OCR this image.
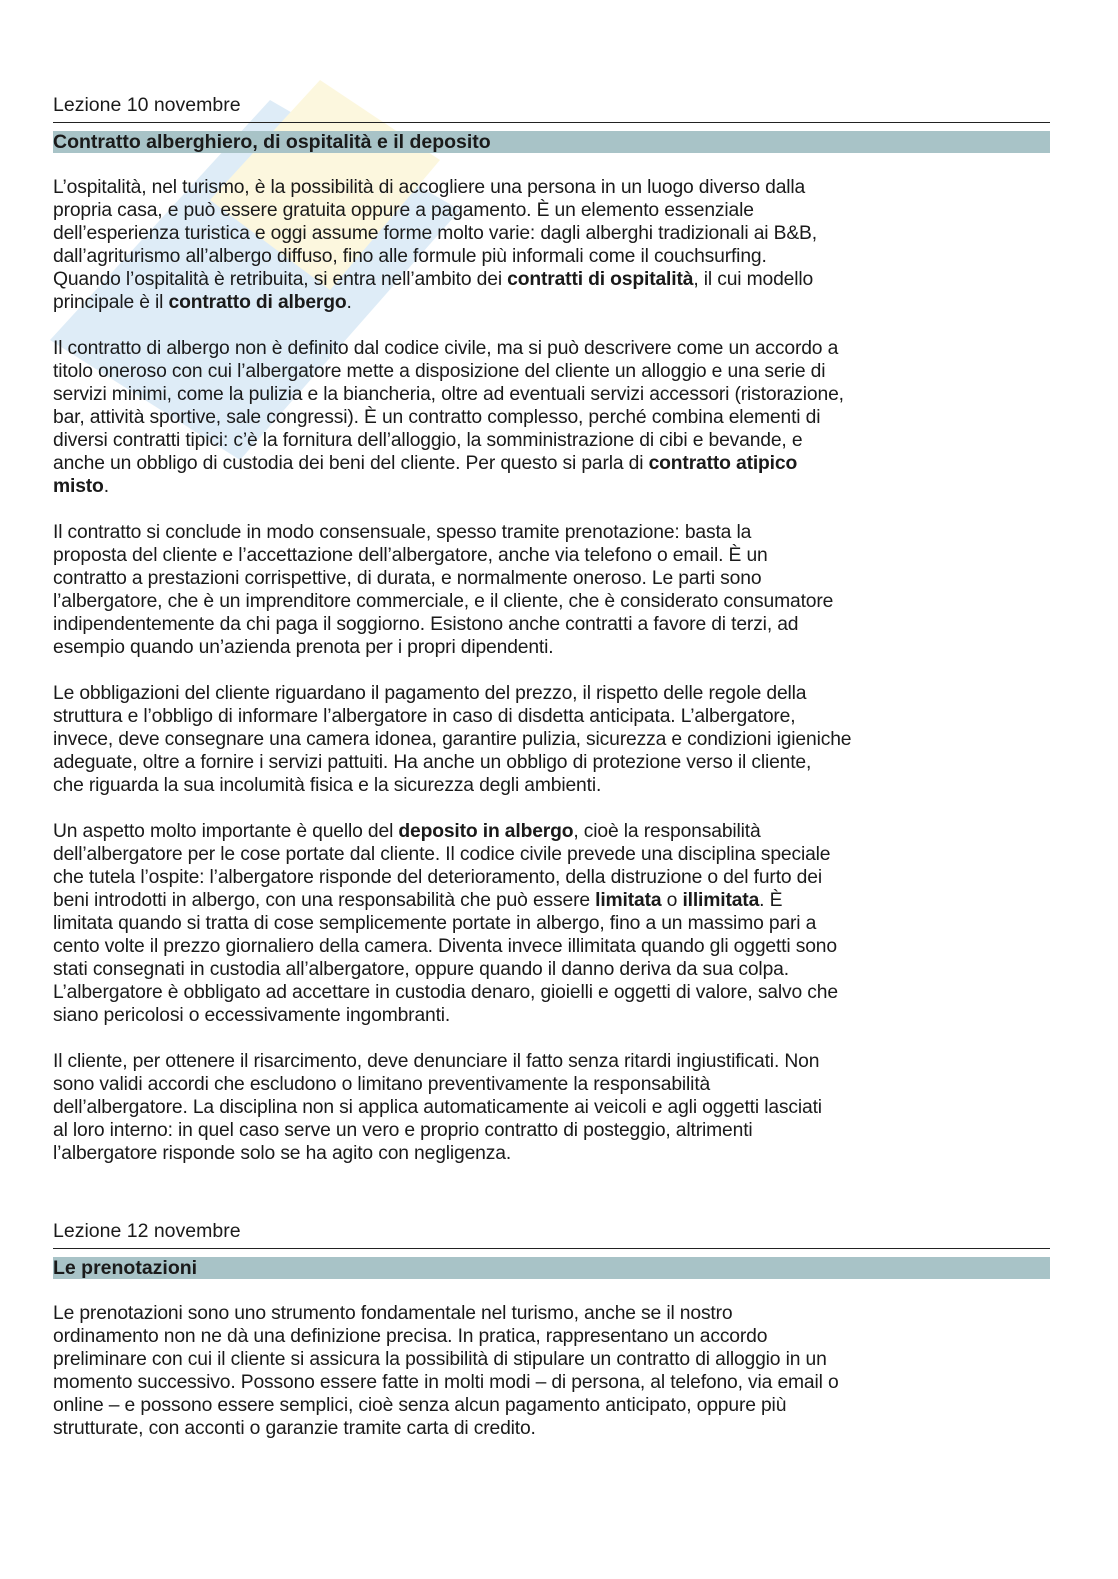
Lezione 10 novembre
Contratto alberghiero, di ospitalità e il deposito
L’ospitalità, nel turismo, è la possibilità di accogliere una persona in un luogo diverso dalla
propria casa, e può essere gratuita oppure a pagamento. È un elemento essenziale
dell’esperienza turistica e oggi assume forme molto varie: dagli alberghi tradizionali ai B&B,
dall’agriturismo all’albergo diffuso, fino alle formule più informali come il couchsurfing.
Quando l’ospitalità è retribuita, si entra nell’ambito dei contratti di ospitalità, il cui modello
principale è il contratto di albergo.
Il contratto di albergo non è definito dal codice civile, ma si può descrivere come un accordo a
titolo oneroso con cui l’albergatore mette a disposizione del cliente un alloggio e una serie di
servizi minimi, come la pulizia e la biancheria, oltre ad eventuali servizi accessori (ristorazione,
bar, attività sportive, sale congressi). È un contratto complesso, perché combina elementi di
diversi contratti tipici: c’è la fornitura dell’alloggio, la somministrazione di cibi e bevande, e
anche un obbligo di custodia dei beni del cliente. Per questo si parla di contratto atipico
misto.
Il contratto si conclude in modo consensuale, spesso tramite prenotazione: basta la
proposta del cliente e l’accettazione dell’albergatore, anche via telefono o email. È un
contratto a prestazioni corrispettive, di durata, e normalmente oneroso. Le parti sono
l’albergatore, che è un imprenditore commerciale, e il cliente, che è considerato consumatore
indipendentemente da chi paga il soggiorno. Esistono anche contratti a favore di terzi, ad
esempio quando un’azienda prenota per i propri dipendenti.
Le obbligazioni del cliente riguardano il pagamento del prezzo, il rispetto delle regole della
struttura e l’obbligo di informare l’albergatore in caso di disdetta anticipata. L’albergatore,
invece, deve consegnare una camera idonea, garantire pulizia, sicurezza e condizioni igieniche
adeguate, oltre a fornire i servizi pattuiti. Ha anche un obbligo di protezione verso il cliente,
che riguarda la sua incolumità fisica e la sicurezza degli ambienti.
Un aspetto molto importante è quello del deposito in albergo, cioè la responsabilità
dell’albergatore per le cose portate dal cliente. Il codice civile prevede una disciplina speciale
che tutela l’ospite: l’albergatore risponde del deterioramento, della distruzione o del furto dei
beni introdotti in albergo, con una responsabilità che può essere limitata o illimitata. È
limitata quando si tratta di cose semplicemente portate in albergo, fino a un massimo pari a
cento volte il prezzo giornaliero della camera. Diventa invece illimitata quando gli oggetti sono
stati consegnati in custodia all’albergatore, oppure quando il danno deriva da sua colpa.
L’albergatore è obbligato ad accettare in custodia denaro, gioielli e oggetti di valore, salvo che
siano pericolosi o eccessivamente ingombranti.
Il cliente, per ottenere il risarcimento, deve denunciare il fatto senza ritardi ingiustificati. Non
sono validi accordi che escludono o limitano preventivamente la responsabilità
dell’albergatore. La disciplina non si applica automaticamente ai veicoli e agli oggetti lasciati
al loro interno: in quel caso serve un vero e proprio contratto di posteggio, altrimenti
l’albergatore risponde solo se ha agito con negligenza.
Lezione 12 novembre
Le prenotazioni
Le prenotazioni sono uno strumento fondamentale nel turismo, anche se il nostro
ordinamento non ne dà una definizione precisa. In pratica, rappresentano un accordo
preliminare con cui il cliente si assicura la possibilità di stipulare un contratto di alloggio in un
momento successivo. Possono essere fatte in molti modi – di persona, al telefono, via email o
online – e possono essere semplici, cioè senza alcun pagamento anticipato, oppure più
strutturate, con acconti o garanzie tramite carta di credito.
